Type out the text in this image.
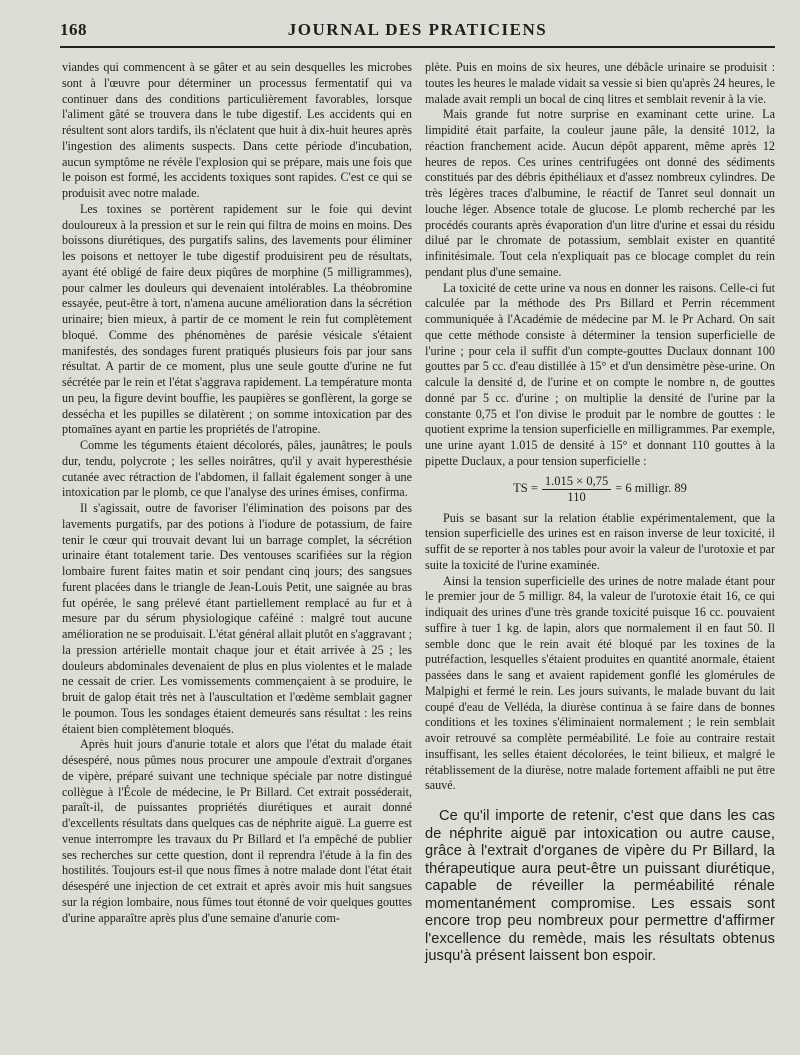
168	JOURNAL DES PRATICIENS

viandes qui commencent à se gâter et au sein desquelles les microbes sont à l'œuvre pour déterminer un processus fermentatif qui va continuer dans des conditions particulièrement favorables, lorsque l'aliment gâté se trouvera dans le tube digestif. Les accidents qui en résultent sont alors tardifs, ils n'éclatent que huit à dix-huit heures après l'ingestion des aliments suspects. Dans cette période d'incubation, aucun symptôme ne révèle l'explosion qui se prépare, mais une fois que le poison est formé, les accidents toxiques sont rapides. C'est ce qui se produisit avec notre malade.

Les toxines se portèrent rapidement sur le foie qui devint douloureux à la pression et sur le rein qui filtra de moins en moins. Des boissons diurétiques, des purgatifs salins, des lavements pour éliminer les poisons et nettoyer le tube digestif produisirent peu de résultats, ayant été obligé de faire deux piqûres de morphine (5 milligrammes), pour calmer les douleurs qui devenaient intolérables. La théobromine essayée, peut-être à tort, n'amena aucune amélioration dans la sécrétion urinaire; bien mieux, à partir de ce moment le rein fut complètement bloqué. Comme des phénomènes de parésie vésicale s'étaient manifestés, des sondages furent pratiqués plusieurs fois par jour sans résultat. A partir de ce moment, plus une seule goutte d'urine ne fut sécrétée par le rein et l'état s'aggrava rapidement. La température monta un peu, la figure devint bouffie, les paupières se gonflèrent, la gorge se dessécha et les pupilles se dilatèrent ; on somme intoxication par des ptomaïnes ayant en partie les propriétés de l'atropine.

Comme les téguments étaient décolorés, pâles, jaunâtres; le pouls dur, tendu, polycrote ; les selles noirâtres, qu'il y avait hyperesthésie cutanée avec rétraction de l'abdomen, il fallait également songer à une intoxication par le plomb, ce que l'analyse des urines émises, confirma.

Il s'agissait, outre de favoriser l'élimination des poisons par des lavements purgatifs, par des potions à l'iodure de potassium, de faire tenir le cœur qui trouvait devant lui un barrage complet, la sécrétion urinaire étant totalement tarie. Des ventouses scarifiées sur la région lombaire furent faites matin et soir pendant cinq jours; des sangsues furent placées dans le triangle de Jean-Louis Petit, une saignée au bras fut opérée, le sang prélevé étant partiellement remplacé au fur et à mesure par du sérum physiologique caféiné : malgré tout aucune amélioration ne se produisait. L'état général allait plutôt en s'aggravant ; la pression artérielle montait chaque jour et était arrivée à 25 ; les douleurs abdominales devenaient de plus en plus violentes et le malade ne cessait de crier. Les vomissements commençaient à se produire, le bruit de galop était très net à l'auscultation et l'œdème semblait gagner le poumon. Tous les sondages étaient demeurés sans résultat : les reins étaient bien complètement bloqués.

Après huit jours d'anurie totale et alors que l'état du malade était désespéré, nous pûmes nous procurer une ampoule d'extrait d'organes de vipère, préparé suivant une technique spéciale par notre distingué collègue à l'École de médecine, le Pr Billard. Cet extrait posséderait, paraît-il, de puissantes propriétés diurétiques et aurait donné d'excellents résultats dans quelques cas de néphrite aiguë. La guerre est venue interrompre les travaux du Pr Billard et l'a empêché de publier ses recherches sur cette question, dont il reprendra l'étude à la fin des hostilités. Toujours est-il que nous fîmes à notre malade dont l'état était désespéré une injection de cet extrait et après avoir mis huit sangsues sur la région lombaire, nous fûmes tout étonné de voir quelques gouttes d'urine apparaître après plus d'une semaine d'anurie com-

plète. Puis en moins de six heures, une débâcle urinaire se produisit : toutes les heures le malade vidait sa vessie si bien qu'après 24 heures, le malade avait rempli un bocal de cinq litres et semblait revenir à la vie.

Mais grande fut notre surprise en examinant cette urine. La limpidité était parfaite, la couleur jaune pâle, la densité 1012, la réaction franchement acide. Aucun dépôt apparent, même après 12 heures de repos. Ces urines centrifugées ont donné des sédiments constitués par des débris épithéliaux et d'assez nombreux cylindres. De très légères traces d'albumine, le réactif de Tanret seul donnait un louche léger. Absence totale de glucose. Le plomb recherché par les procédés courants après évaporation d'un litre d'urine et essai du résidu dilué par le chromate de potassium, semblait exister en quantité infinitésimale. Tout cela n'expliquait pas ce blocage complet du rein pendant plus d'une semaine.

La toxicité de cette urine va nous en donner les raisons. Celle-ci fut calculée par la méthode des Prs Billard et Perrin récemment communiquée à l'Académie de médecine par M. le Pr Achard. On sait que cette méthode consiste à déterminer la tension superficielle de l'urine ; pour cela il suffit d'un compte-gouttes Duclaux donnant 100 gouttes par 5 cc. d'eau distillée à 15° et d'un densimètre pèse-urine. On calcule la densité d, de l'urine et on compte le nombre n, de gouttes donné par 5 cc. d'urine ; on multiplie la densité de l'urine par la constante 0,75 et l'on divise le produit par le nombre de gouttes : le quotient exprime la tension superficielle en milligrammes. Par exemple, une urine ayant 1.015 de densité à 15° et donnant 110 gouttes à la pipette Duclaux, a pour tension superficielle :

TS = $\frac{1.015 \times 0,75}{110} = 6$ milligr. 89

Puis se basant sur la relation établie expérimentalement, que la tension superficielle des urines est en raison inverse de leur toxicité, il suffit de se reporter à nos tables pour avoir la valeur de l'urotoxie et par suite la toxicité de l'urine examinée.

Ainsi la tension superficielle des urines de notre malade étant pour le premier jour de 5 milligr. 84, la valeur de l'urotoxie était 16, ce qui indiquait des urines d'une très grande toxicité puisque 16 cc. pouvaient suffire à tuer 1 kg. de lapin, alors que normalement il en faut 50. Il semble donc que le rein avait été bloqué par les toxines de la putréfaction, lesquelles s'étaient produites en quantité anormale, étaient passées dans le sang et avaient rapidement gonflé les glomérules de Malpighi et fermé le rein. Les jours suivants, le malade buvant du lait coupé d'eau de Velléda, la diurèse continua à se faire dans de bonnes conditions et les toxines s'éliminaient normalement ; le rein semblait avoir retrouvé sa complète perméabilité. Le foie au contraire restait insuffisant, les selles étaient décolorées, le teint bilieux, et malgré le rétablissement de la diurèse, notre malade fortement affaibli ne put être sauvé.

Ce qu'il importe de retenir, c'est que dans les cas de néphrite aiguë par intoxication ou autre cause, grâce à l'extrait d'organes de vipère du Pr Billard, la thérapeutique aura peut-être un puissant diurétique, capable de réveiller la perméabilité rénale momentanément compromise. Les essais sont encore trop peu nombreux pour permettre d'affirmer l'excellence du remède, mais les résultats obtenus jusqu'à présent laissent bon espoir.
